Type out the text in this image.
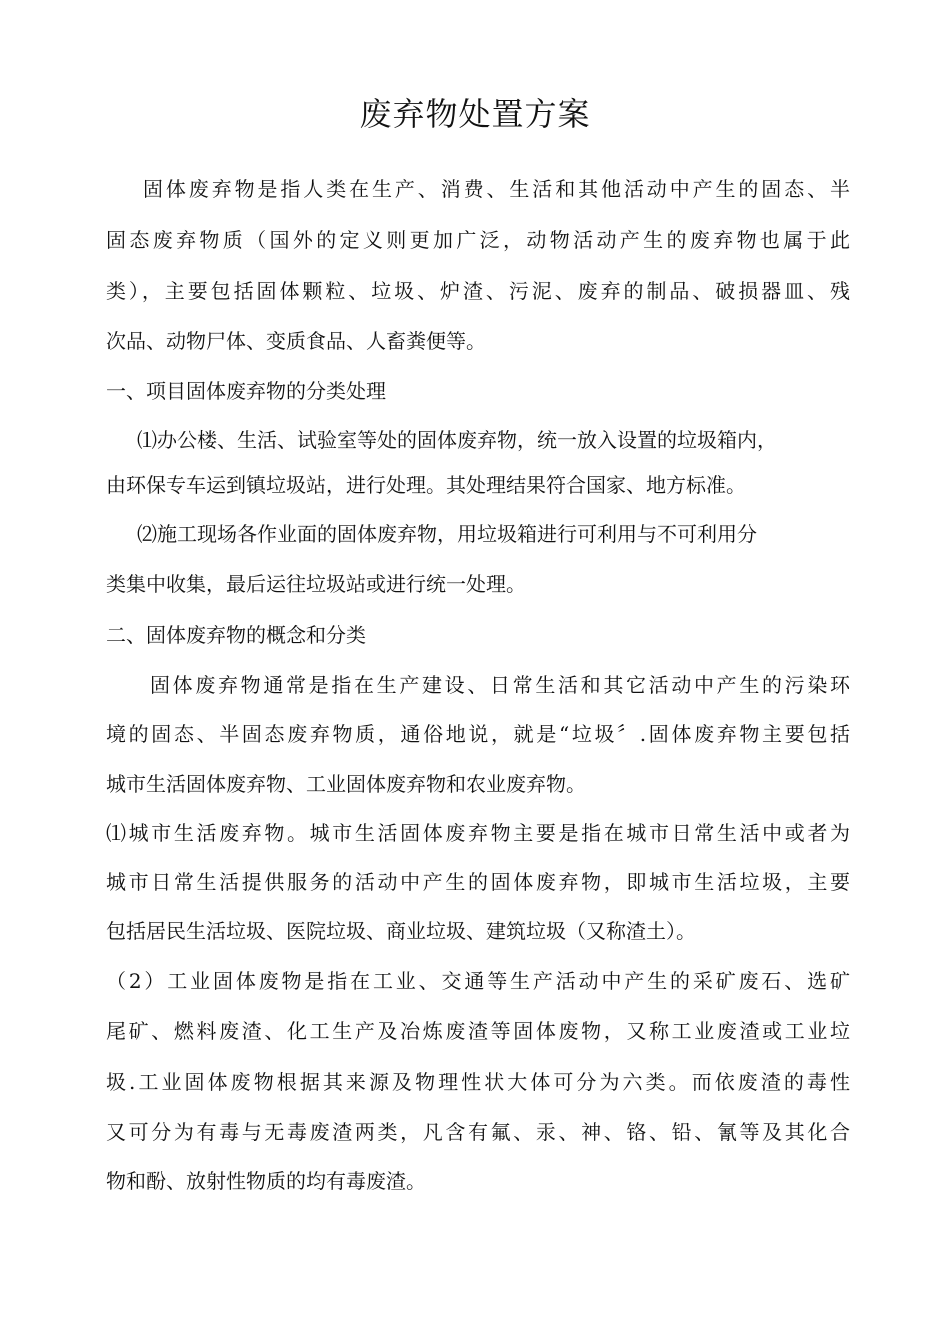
废弃物处置方案
固体废弃物是指人类在生产、消费、生活和其他活动中产生的固态、半
固态废弃物质（国外的定义则更加广泛，动物活动产生的废弃物也属于此
类），主要包括固体颗粒、垃圾、炉渣、污泥、废弃的制品、破损器皿、残
次品、动物尸体、变质食品、人畜粪便等。
一、项目固体废弃物的分类处理
⑴办公楼、生活、试验室等处的固体废弃物，统一放入设置的垃圾箱内，
由环保专车运到镇垃圾站，进行处理。其处理结果符合国家、地方标准。
⑵施工现场各作业面的固体废弃物，用垃圾箱进行可利用与不可利用分
类集中收集，最后运往垃圾站或进行统一处理。
二、固体废弃物的概念和分类
固体废弃物通常是指在生产建设、日常生活和其它活动中产生的污染环
境的固态、半固态废弃物质，通俗地说，就是“垃圾〞.固体废弃物主要包括
城市生活固体废弃物、工业固体废弃物和农业废弃物。
⑴城市生活废弃物。城市生活固体废弃物主要是指在城市日常生活中或者为
城市日常生活提供服务的活动中产生的固体废弃物，即城市生活垃圾，主要
包括居民生活垃圾、医院垃圾、商业垃圾、建筑垃圾（又称渣土）。
（2）工业固体废物是指在工业、交通等生产活动中产生的采矿废石、选矿
尾矿、燃料废渣、化工生产及冶炼废渣等固体废物，又称工业废渣或工业垃
圾.工业固体废物根据其来源及物理性状大体可分为六类。而依废渣的毒性
又可分为有毒与无毒废渣两类，凡含有氟、汞、神、铬、铅、氰等及其化合
物和酚、放射性物质的均有毒废渣。
